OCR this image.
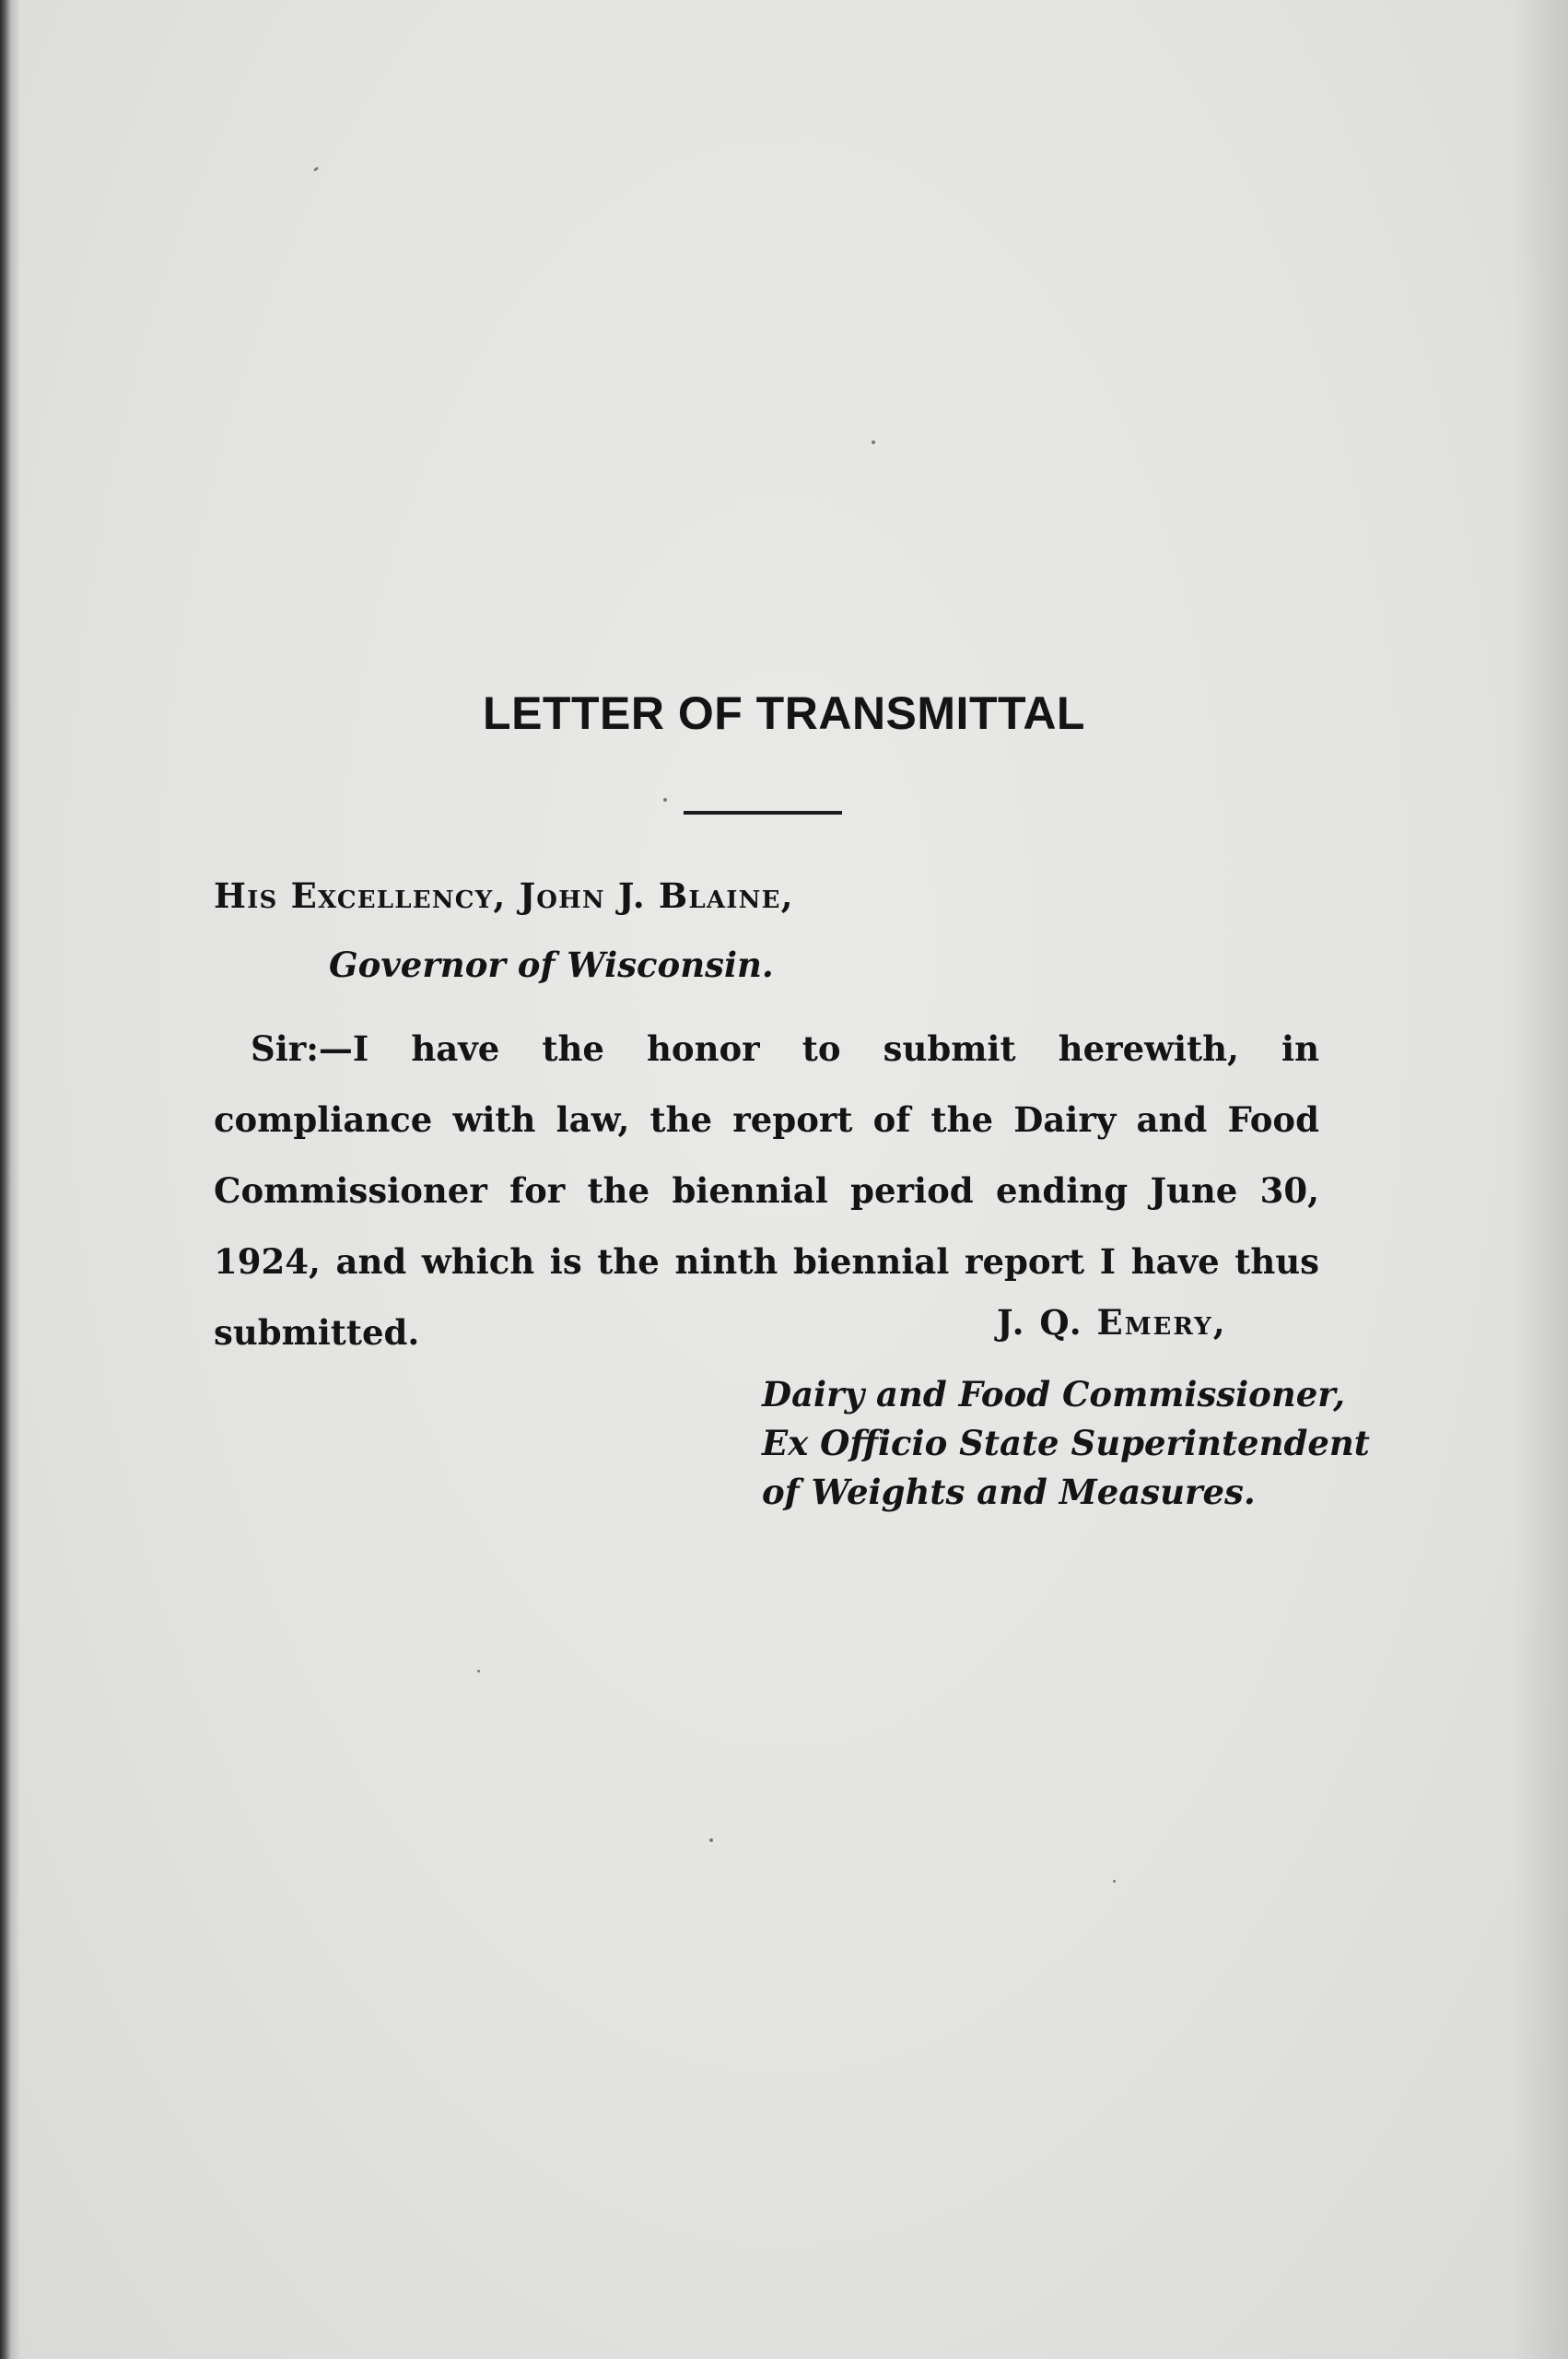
LETTER OF TRANSMITTAL
His Excellency, John J. Blaine,
Governor of Wisconsin.

Sir:—I have the honor to submit herewith, in compliance with law, the report of the Dairy and Food Commissioner for the biennial period ending June 30, 1924, and which is the ninth biennial report I have thus submitted.	J. Q. Emery,
Dairy and Food Commissioner,
Ex Officio State Superintendent
of Weights and Measures.
